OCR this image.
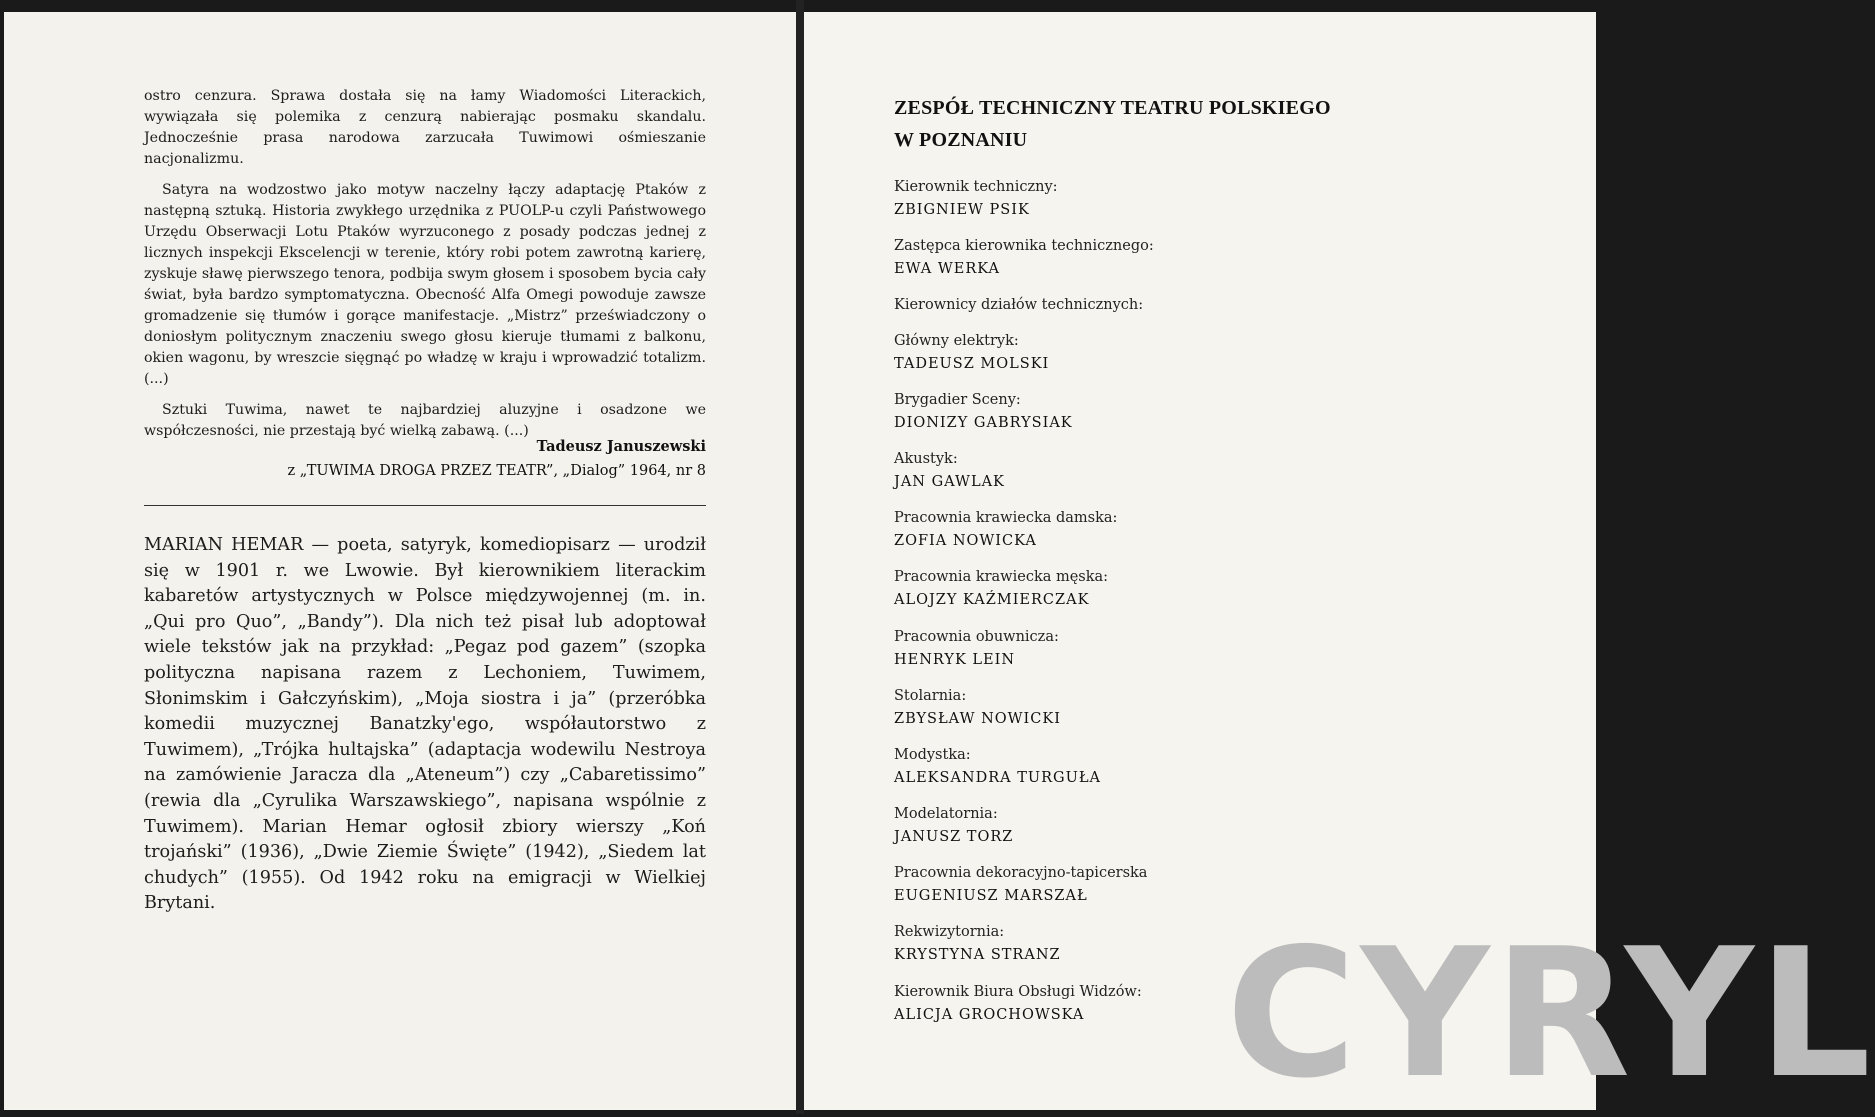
ostro cenzura. Sprawa dostała się na łamy Wiadomości Literackich, wywiązała się polemika z cenzurą nabierając posmaku skandalu. Jednocześnie prasa narodowa zarzucała Tuwimowi ośmieszanie nacjonalizmu.

Satyra na wodzostwo jako motyw naczelny łączy adaptację Ptaków z następną sztuką. Historia zwykłego urzędnika z PUOLP-u czyli Państwowego Urzędu Obserwacji Lotu Ptaków wyrzuconego z posady podczas jednej z licznych inspekcji Ekscelencji w terenie, który robi potem zawrotną karierę, zyskuje sławę pierwszego tenora, podbija swym głosem i sposobem bycia cały świat, była bardzo symptomatyczna. Obecność Alfa Omegi powoduje zawsze gromadzenie się tłumów i gorące manifestacje. „Mistrz” przeświadczony o doniosłym politycznym znaczeniu swego głosu kieruje tłumami z balkonu, okien wagonu, by wreszcie sięgnąć po władzę w kraju i wprowadzić totalizm. (...)

Sztuki Tuwima, nawet te najbardziej aluzyjne i osadzone we współczesności, nie przestają być wielką zabawą. (...)

Tadeusz Januszewski
z „TUWIMA DROGA PRZEZ TEATR”, „Dialog” 1964, nr 8

MARIAN HEMAR — poeta, satyryk, komediopisarz — urodził się w 1901 r. we Lwowie. Był kierownikiem literackim kabaretów artystycznych w Polsce międzywojennej (m. in. „Qui pro Quo”, „Bandy”). Dla nich też pisał lub adoptował wiele tekstów jak na przykład: „Pegaz pod gazem” (szopka polityczna napisana razem z Lechoniem, Tuwimem, Słonimskim i Gałczyńskim), „Moja siostra i ja” (przeróbka komedii muzycznej Banatzky'ego, współautorstwo z Tuwimem), „Trójka hultajska” (adaptacja wodewilu Nestroya na zamówienie Jaracza dla „Ateneum”) czy „Cabaretissimo” (rewia dla „Cyrulika Warszawskiego”, napisana wspólnie z Tuwimem). Marian Hemar ogłosił zbiory wierszy „Koń trojański” (1936), „Dwie Ziemie Święte” (1942), „Siedem lat chudych” (1955). Od 1942 roku na emigracji w Wielkiej Brytani.

ZESPÓŁ TECHNICZNY TEATRU POLSKIEGO
W POZNANIU
Kierownik techniczny:
ZBIGNIEW PSIK
Zastępca kierownika technicznego:
EWA WERKA
Kierownicy działów technicznych:
Główny elektryk:
TADEUSZ MOLSKI
Brygadier Sceny:
DIONIZY GABRYSIAK
Akustyk:
JAN GAWLAK
Pracownia krawiecka damska:
ZOFIA NOWICKA
Pracownia krawiecka męska:
ALOJZY KAŹMIERCZAK
Pracownia obuwnicza:
HENRYK LEIN
Stolarnia:
ZBYSŁAW NOWICKI
Modystka:
ALEKSANDRA TURGUŁA
Modelatornia:
JANUSZ TORZ
Pracownia dekoracyjno-tapicerska
EUGENIUSZ MARSZAŁ
Rekwizytornia:
KRYSTYNA STRANZ
Kierownik Biura Obsługi Widzów:
ALICJA GROCHOWSKA CYRYL
